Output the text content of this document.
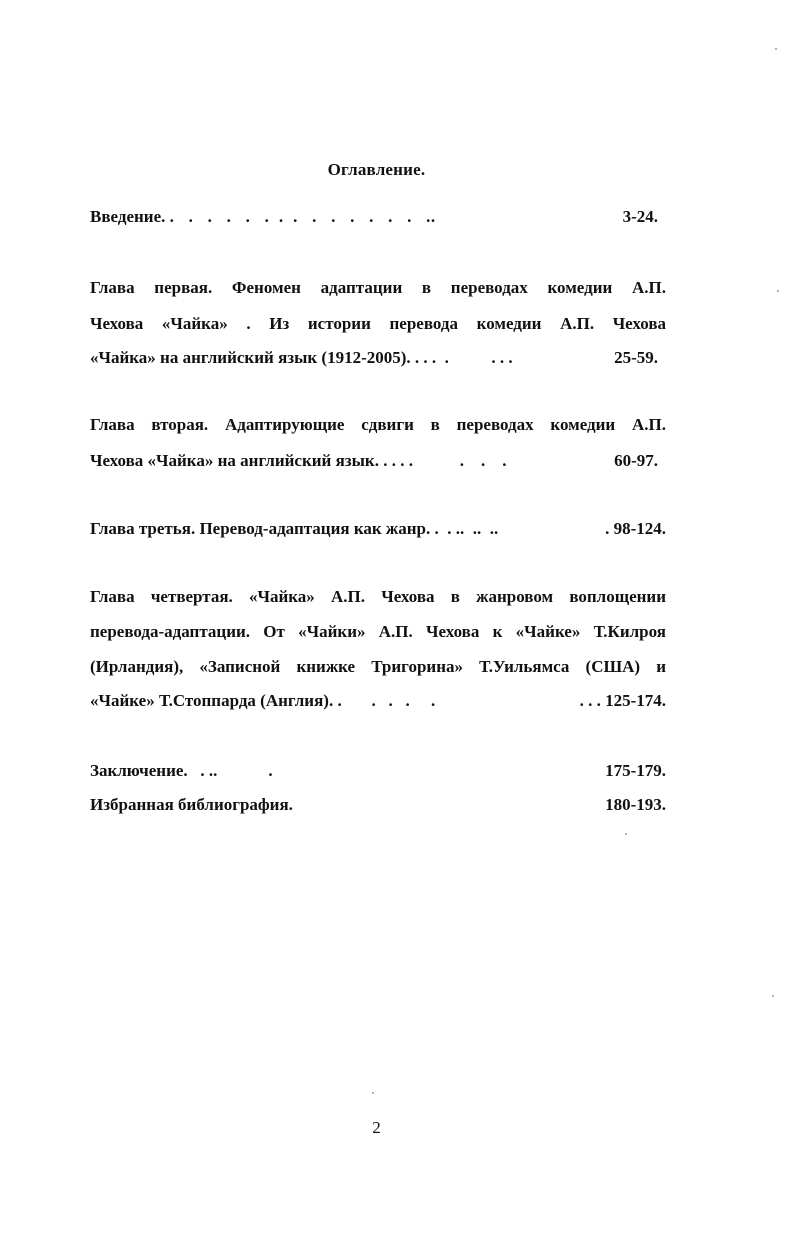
Оглавление.
Введение. .   .   .   .   .   .  .  .   .   .   .   .   .   .   ..	3-24.
Глава первая. Феномен адаптации в переводах комедии А.П.
Чехова «Чайка» . Из истории перевода комедии А.П. Чехова
«Чайка» на английский язык (1912-2005). . . .  .          . . .	25-59.
Глава вторая. Адаптирующие сдвиги в переводах комедии А.П.
Чехова «Чайка» на английский язык. . . . .           .    .    .	60-97.
Глава третья. Перевод-адаптация как жанр. .  . ..  ..  ..	. 98-124.
Глава четвертая. «Чайка» А.П. Чехова в жанровом воплощении
перевода-адаптации. От «Чайки» А.П. Чехова к «Чайке» Т.Килроя
(Ирландия), «Записной книжке Тригорина» Т.Уильямса (США) и
«Чайке» Т.Стоппарда (Англия). .       .   .   .     .	. . . 125-174.
Заключение.   . ..            .	175-179.
Избранная библиография.	180-193.
2
